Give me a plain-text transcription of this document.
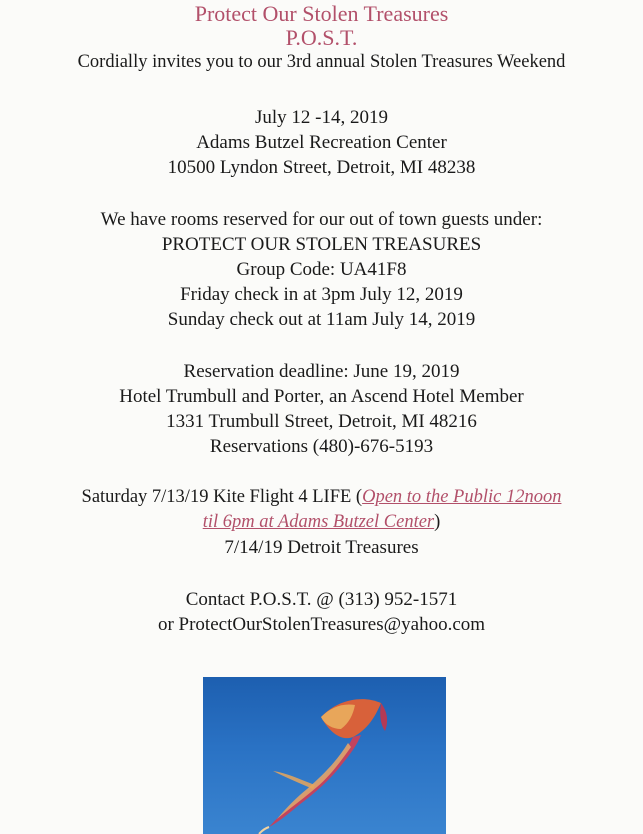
Protect Our Stolen Treasures
P.O.S.T.
Cordially invites you to our 3rd annual Stolen Treasures Weekend
July 12 -14, 2019
Adams Butzel Recreation Center
10500 Lyndon Street, Detroit, MI 48238
We have rooms reserved for our out of town guests under:
PROTECT OUR STOLEN TREASURES
Group Code: UA41F8
Friday check in at 3pm July 12, 2019
Sunday check out at 11am July 14, 2019
Reservation deadline: June 19, 2019
Hotel Trumbull and Porter, an Ascend Hotel Member
1331 Trumbull Street, Detroit, MI 48216
Reservations (480)-676-5193
Saturday 7/13/19 Kite Flight 4 LIFE (Open to the Public 12noon
til 6pm at Adams Butzel Center)
7/14/19 Detroit Treasures
Contact P.O.S.T. @ (313) 952-1571
or ProtectOurStolenTreasures@yahoo.com
